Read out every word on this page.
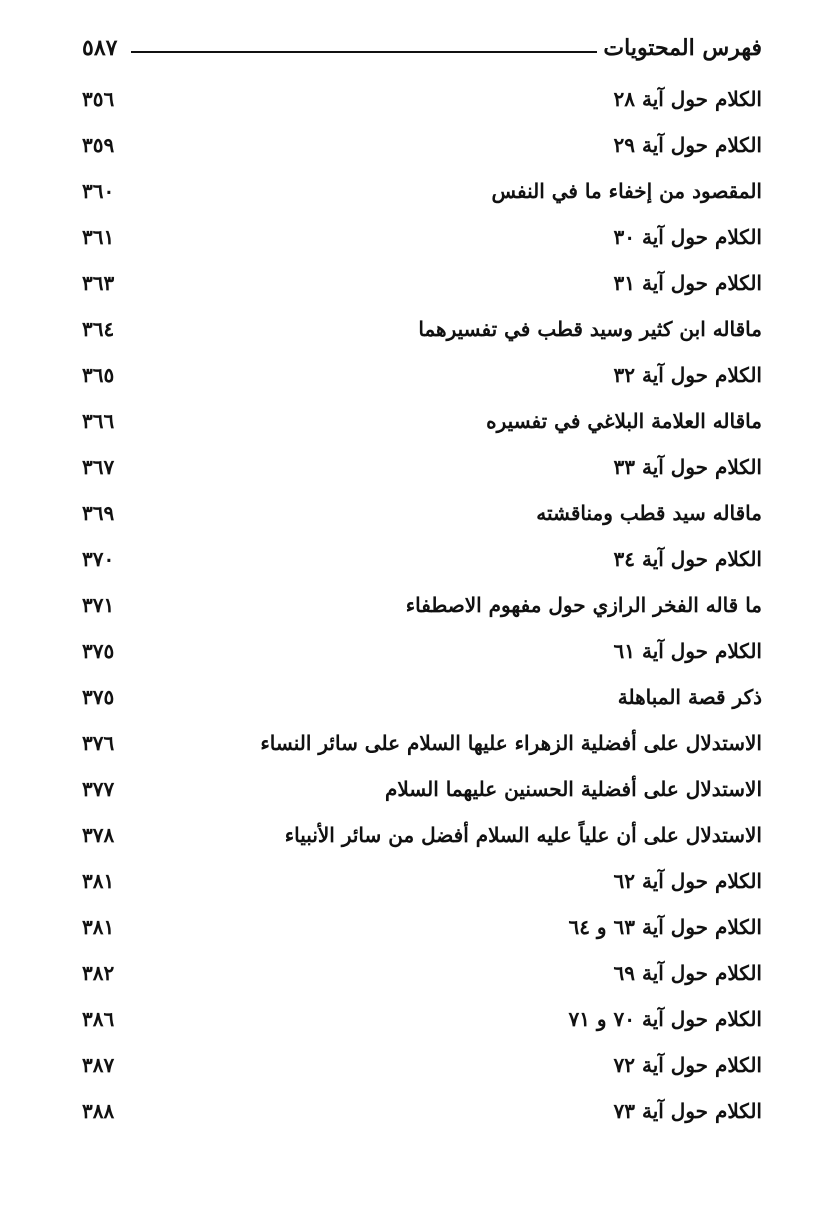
فهرس المحتويات
٥٨٧
الكلام حول آية ٢٨
٣٥٦
الكلام حول آية ٢٩
٣٥٩
المقصود من إخفاء ما في النفس
٣٦٠
الكلام حول آية ٣٠
٣٦١
الكلام حول آية ٣١
٣٦٣
ماقاله ابن كثير وسيد قطب في تفسيرهما
٣٦٤
الكلام حول آية ٣٢
٣٦٥
ماقاله العلامة البلاغي في تفسيره
٣٦٦
الكلام حول آية ٣٣
٣٦٧
ماقاله سيد قطب ومناقشته
٣٦٩
الكلام حول آية ٣٤
٣٧٠
ما قاله الفخر الرازي حول مفهوم الاصطفاء
٣٧١
الكلام حول آية ٦١
٣٧٥
ذكر قصة المباهلة
٣٧٥
الاستدلال على أفضلية الزهراء عليها السلام على سائر النساء
٣٧٦
الاستدلال على أفضلية الحسنين عليهما السلام
٣٧٧
الاستدلال على أن علياً عليه السلام أفضل من سائر الأنبياء
٣٧٨
الكلام حول آية ٦٢
٣٨١
الكلام حول آية ٦٣ و ٦٤
٣٨١
الكلام حول آية ٦٩
٣٨٢
الكلام حول آية ٧٠ و ٧١
٣٨٦
الكلام حول آية ٧٢
٣٨٧
الكلام حول آية ٧٣
٣٨٨
